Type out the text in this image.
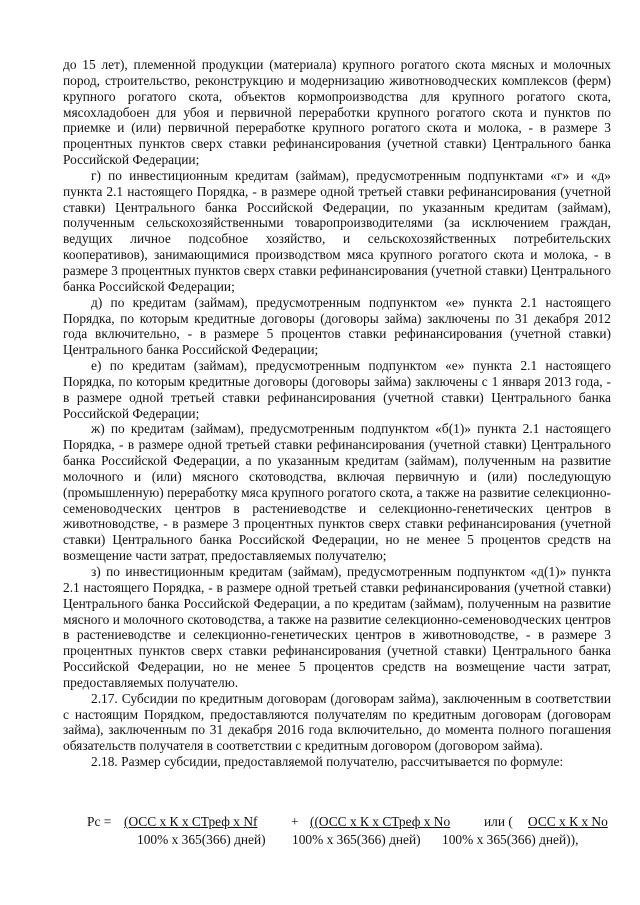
до 15 лет), племенной продукции (материала) крупного рогатого скота мясных и молочных пород, строительство, реконструкцию и модернизацию животноводческих комплексов (ферм) крупного рогатого скота, объектов кормопроизводства для крупного рогатого скота, мясохладобоен для убоя и первичной переработки крупного рогатого скота и пунктов по приемке и (или) первичной переработке крупного рогатого скота и молока, - в размере 3 процентных пунктов сверх ставки рефинансирования (учетной ставки) Центрального банка Российской Федерации;

г) по инвестиционным кредитам (займам), предусмотренным подпунктами «г» и «д» пункта 2.1 настоящего Порядка, - в размере одной третьей ставки рефинансирования (учетной ставки) Центрального банка Российской Федерации, по указанным кредитам (займам), полученным сельскохозяйственными товаропроизводителями (за исключением граждан, ведущих личное подсобное хозяйство, и сельскохозяйственных потребительских кооперативов), занимающимися производством мяса крупного рогатого скота и молока, - в размере 3 процентных пунктов сверх ставки рефинансирования (учетной ставки) Центрального банка Российской Федерации;

д) по кредитам (займам), предусмотренным подпунктом «е» пункта 2.1 настоящего Порядка, по которым кредитные договоры (договоры займа) заключены по 31 декабря 2012 года включительно, - в размере 5 процентов ставки рефинансирования (учетной ставки) Центрального банка Российской Федерации;

е) по кредитам (займам), предусмотренным подпунктом «е» пункта 2.1 настоящего Порядка, по которым кредитные договоры (договоры займа) заключены с 1 января 2013 года, - в размере одной третьей ставки рефинансирования (учетной ставки) Центрального банка Российской Федерации;

ж) по кредитам (займам), предусмотренным подпунктом «б(1)» пункта 2.1 настоящего Порядка, - в размере одной третьей ставки рефинансирования (учетной ставки) Центрального банка Российской Федерации, а по указанным кредитам (займам), полученным на развитие молочного и (или) мясного скотоводства, включая первичную и (или) последующую (промышленную) переработку мяса крупного рогатого скота, а также на развитие селекционно-семеноводческих центров в растениеводстве и селекционно-генетических центров в животноводстве, - в размере 3 процентных пунктов сверх ставки рефинансирования (учетной ставки) Центрального банка Российской Федерации, но не менее 5 процентов средств на возмещение части затрат, предоставляемых получателю;

з) по инвестиционным кредитам (займам), предусмотренным подпунктом «д(1)» пункта 2.1 настоящего Порядка, - в размере одной третьей ставки рефинансирования (учетной ставки) Центрального банка Российской Федерации, а по кредитам (займам), полученным на развитие мясного и молочного скотоводства, а также на развитие селекционно-семеноводческих центров в растениеводстве и селекционно-генетических центров в животноводстве, - в размере 3 процентных пунктов сверх ставки рефинансирования (учетной ставки) Центрального банка Российской Федерации, но не менее 5 процентов средств на возмещение части затрат, предоставляемых получателю.

2.17. Субсидии по кредитным договорам (договорам займа), заключенным в соответствии с настоящим Порядком, предоставляются получателям по кредитным договорам (договорам займа), заключенным по 31 декабря 2016 года включительно, до момента полного погашения обязательств получателя в соответствии с кредитным договором (договором займа).

2.18. Размер субсидии, предоставляемой получателю, рассчитывается по формуле:

Pc = (ОСС х К х СТреф х Nf	+ ((ОСС х К х СТреф х No	или ( ОСС х К х No
100% х 365(366) дней) 100% х 365(366) дней) 100% х 365(366) дней)),
